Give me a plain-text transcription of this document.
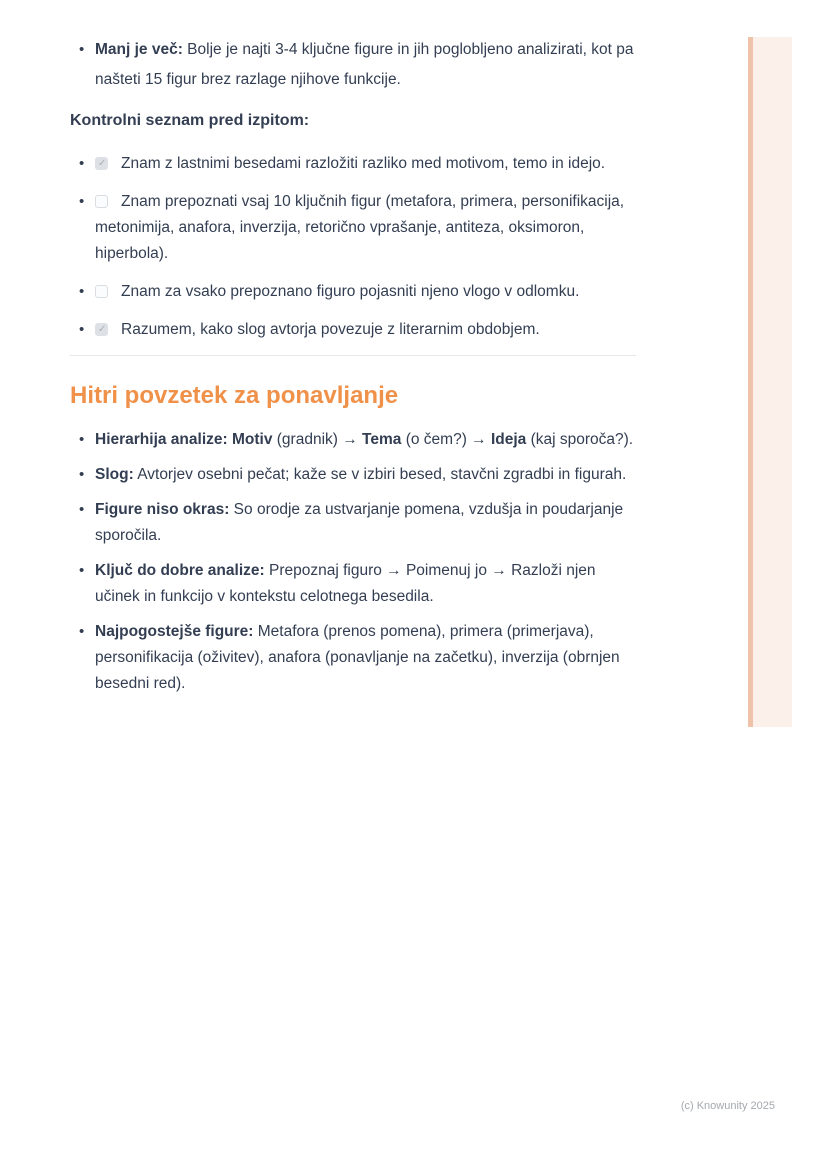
• Manj je več: Bolje je najti 3-4 ključne figure in jih poglobljeno analizirati, kot pa našteti 15 figur brez razlage njihove funkcije.
Kontrolni seznam pred izpitom:
✓• Znam z lastnimi besedami razložiti razliko med motivom, temo in idejo.
• Znam prepoznati vsaj 10 ključnih figur (metafora, primera, personifikacija, metonimija, anafora, inverzija, retorično vprašanje, antiteza, oksimoron, hiperbola).
• Znam za vsako prepoznano figuro pojasniti njeno vlogo v odlomku.
✓• Razumem, kako slog avtorja povezuje z literarnim obdobjem.
Hitri povzetek za ponavljanje
• Hierarhija analize: Motiv (gradnik) → Tema (o čem?) → Ideja (kaj sporoča?).
• Slog: Avtorjev osebni pečat; kaže se v izbiri besed, stavčni zgradbi in figurah.
• Figure niso okras: So orodje za ustvarjanje pomena, vzdušja in poudarjanje sporočila.
• Ključ do dobre analize: Prepoznaj figuro → Poimenuj jo → Razloži njen učinek in funkcijo v kontekstu celotnega besedila.
• Najpogostejše figure: Metafora (prenos pomena), primera (primerjava), personifikacija (oživitev), anafora (ponavljanje na začetku), inverzija (obrnjen besedni red).
(c) Knowunity 2025
